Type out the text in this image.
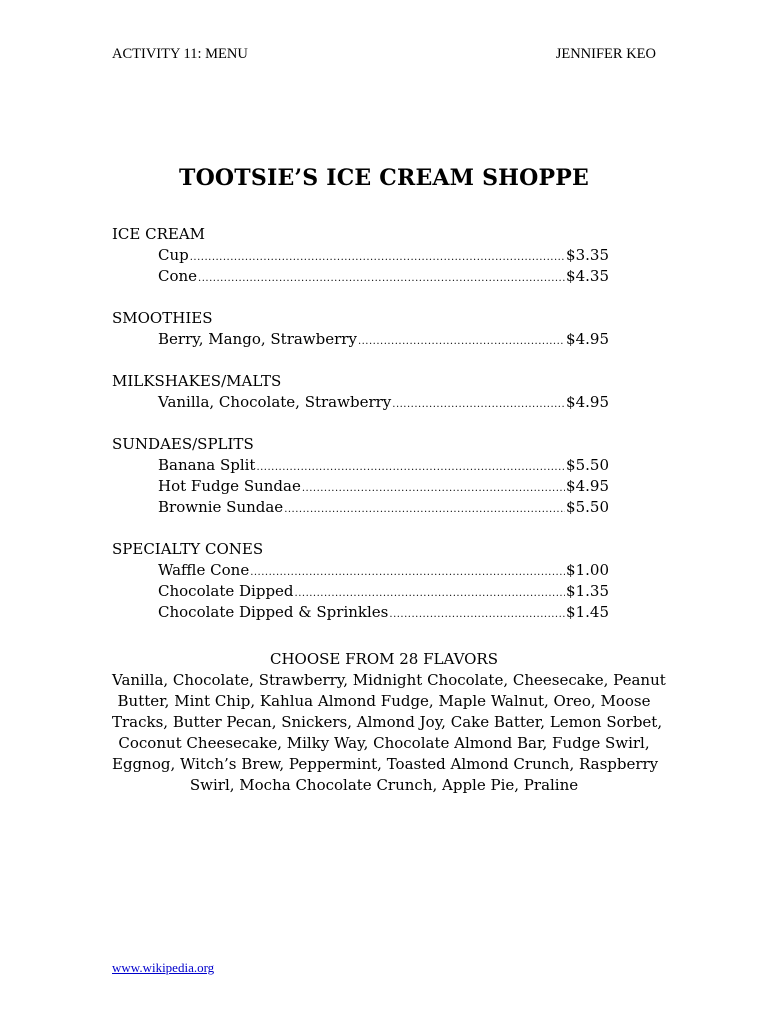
ACTIVITY 11: MENU	JENNIFER KEO
TOOTSIE’S ICE CREAM SHOPPE
ICE CREAM
Cup .....	$3.35
Cone .....	$4.35
SMOOTHIES
Berry, Mango, Strawberry .....	$4.95
MILKSHAKES/MALTS
Vanilla, Chocolate, Strawberry .....	$4.95
SUNDAES/SPLITS
Banana Split .....	$5.50
Hot Fudge Sundae .....	$4.95
Brownie Sundae .....	$5.50
SPECIALTY CONES
Waffle Cone .....	$1.00
Chocolate Dipped .....	$1.35
Chocolate Dipped & Sprinkles .....	$1.45
CHOOSE FROM 28 FLAVORS
Vanilla, Chocolate, Strawberry, Midnight Chocolate, Cheesecake, Peanut
Butter, Mint Chip, Kahlua Almond Fudge, Maple Walnut, Oreo, Moose
Tracks, Butter Pecan, Snickers, Almond Joy, Cake Batter, Lemon Sorbet,
Coconut Cheesecake, Milky Way, Chocolate Almond Bar, Fudge Swirl,
Eggnog, Witch’s Brew, Peppermint, Toasted Almond Crunch, Raspberry
Swirl, Mocha Chocolate Crunch, Apple Pie, Praline
www.wikipedia.org
